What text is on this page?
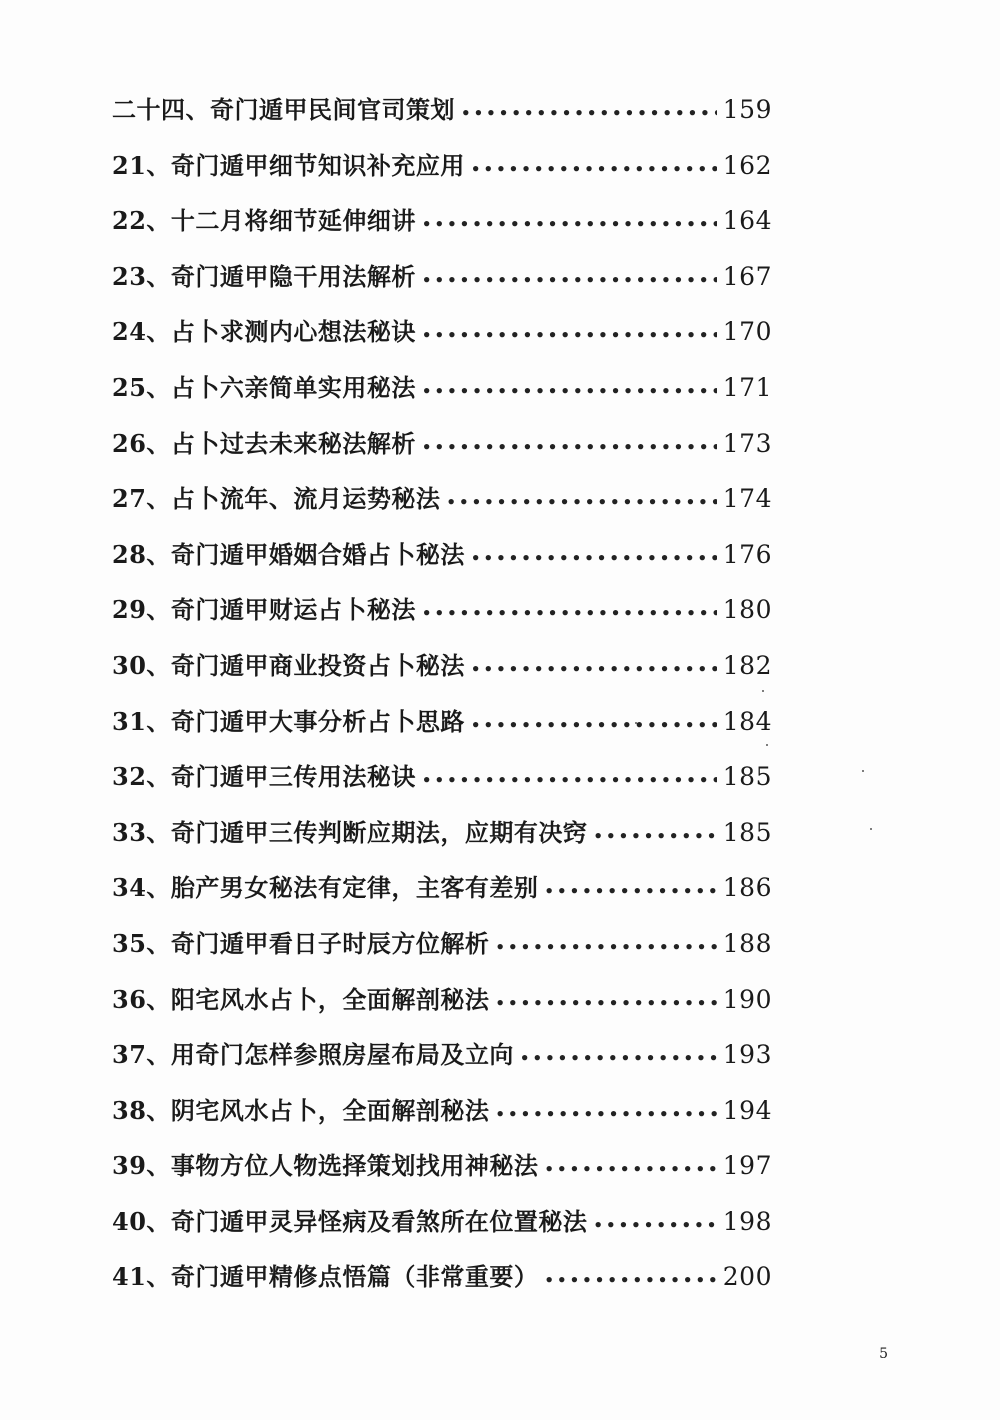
二十四、奇门遁甲民间官司策划 •••••	159
21、奇门遁甲细节知识补充应用 •••••	162
22、十二月将细节延伸细讲 •••••	164
23、奇门遁甲隐干用法解析 •••••	167
24、占卜求测内心想法秘诀 •••••	170
25、占卜六亲简单实用秘法 •••••	171
26、占卜过去未来秘法解析 •••••	173
27、占卜流年、流月运势秘法 •••••	174
28、奇门遁甲婚姻合婚占卜秘法 •••••	176
29、奇门遁甲财运占卜秘法 •••••	180
30、奇门遁甲商业投资占卜秘法 •••••	182
31、奇门遁甲大事分析占卜思路 •••••	184
32、奇门遁甲三传用法秘诀 •••••	185
33、奇门遁甲三传判断应期法，应期有决窍 •••••	185
34、胎产男女秘法有定律，主客有差别 •••••	186
35、奇门遁甲看日子时辰方位解析 •••••	188
36、阳宅风水占卜，全面解剖秘法 •••••	190
37、用奇门怎样参照房屋布局及立向 •••••	193
38、阴宅风水占卜，全面解剖秘法 •••••	194
39、事物方位人物选择策划找用神秘法 •••••	197
40、奇门遁甲灵异怪病及看煞所在位置秘法 •••••	198
41、奇门遁甲精修点悟篇（非常重要） •••••	200
5
